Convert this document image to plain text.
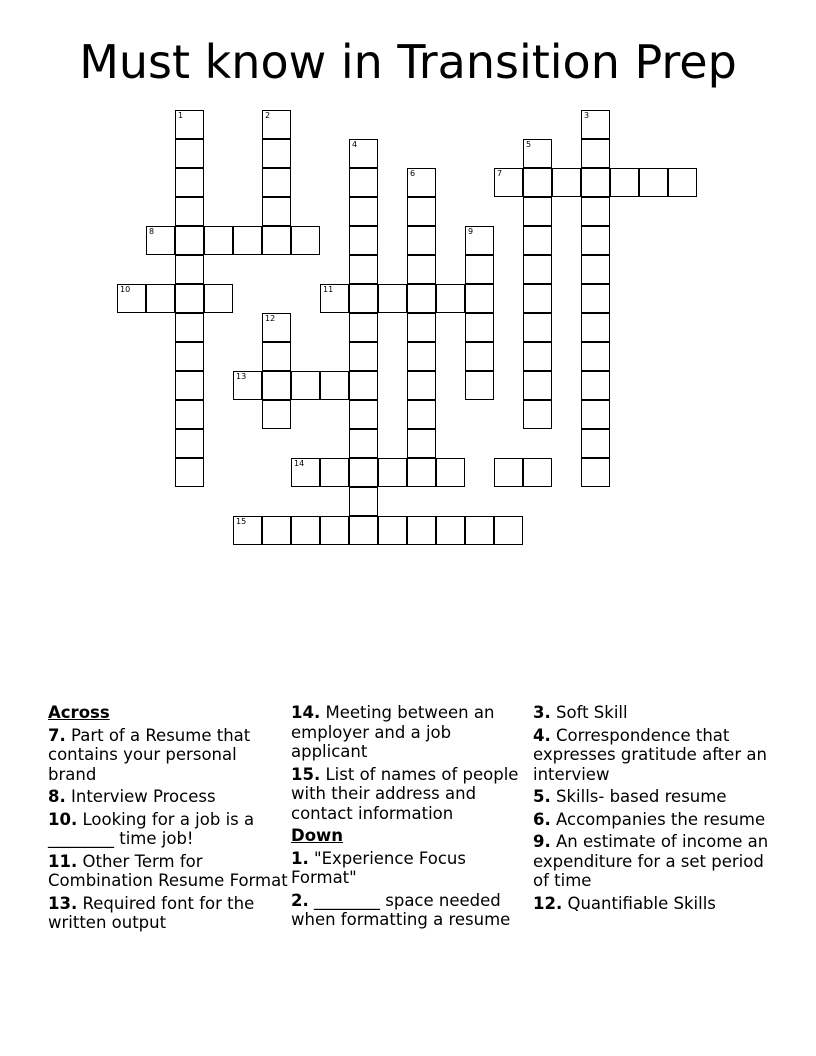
Must know in Transition Prep
1	2	3
4	5
6	7
8	9
10	11
12
13
14
15
Across
7. Part of a Resume that contains your personal brand
8. Interview Process
10. Looking for a job is a ________ time job!
11. Other Term for Combination Resume Format
13. Required font for the written output
14. Meeting between an employer and a job applicant
15. List of names of people with their address and contact information
Down
1. "Experience Focus Format"
2. ________ space needed when formatting a resume
3. Soft Skill
4. Correspondence that expresses gratitude after an interview
5. Skills- based resume
6. Accompanies the resume
9. An estimate of income an expenditure for a set period of time
12. Quantifiable Skills
